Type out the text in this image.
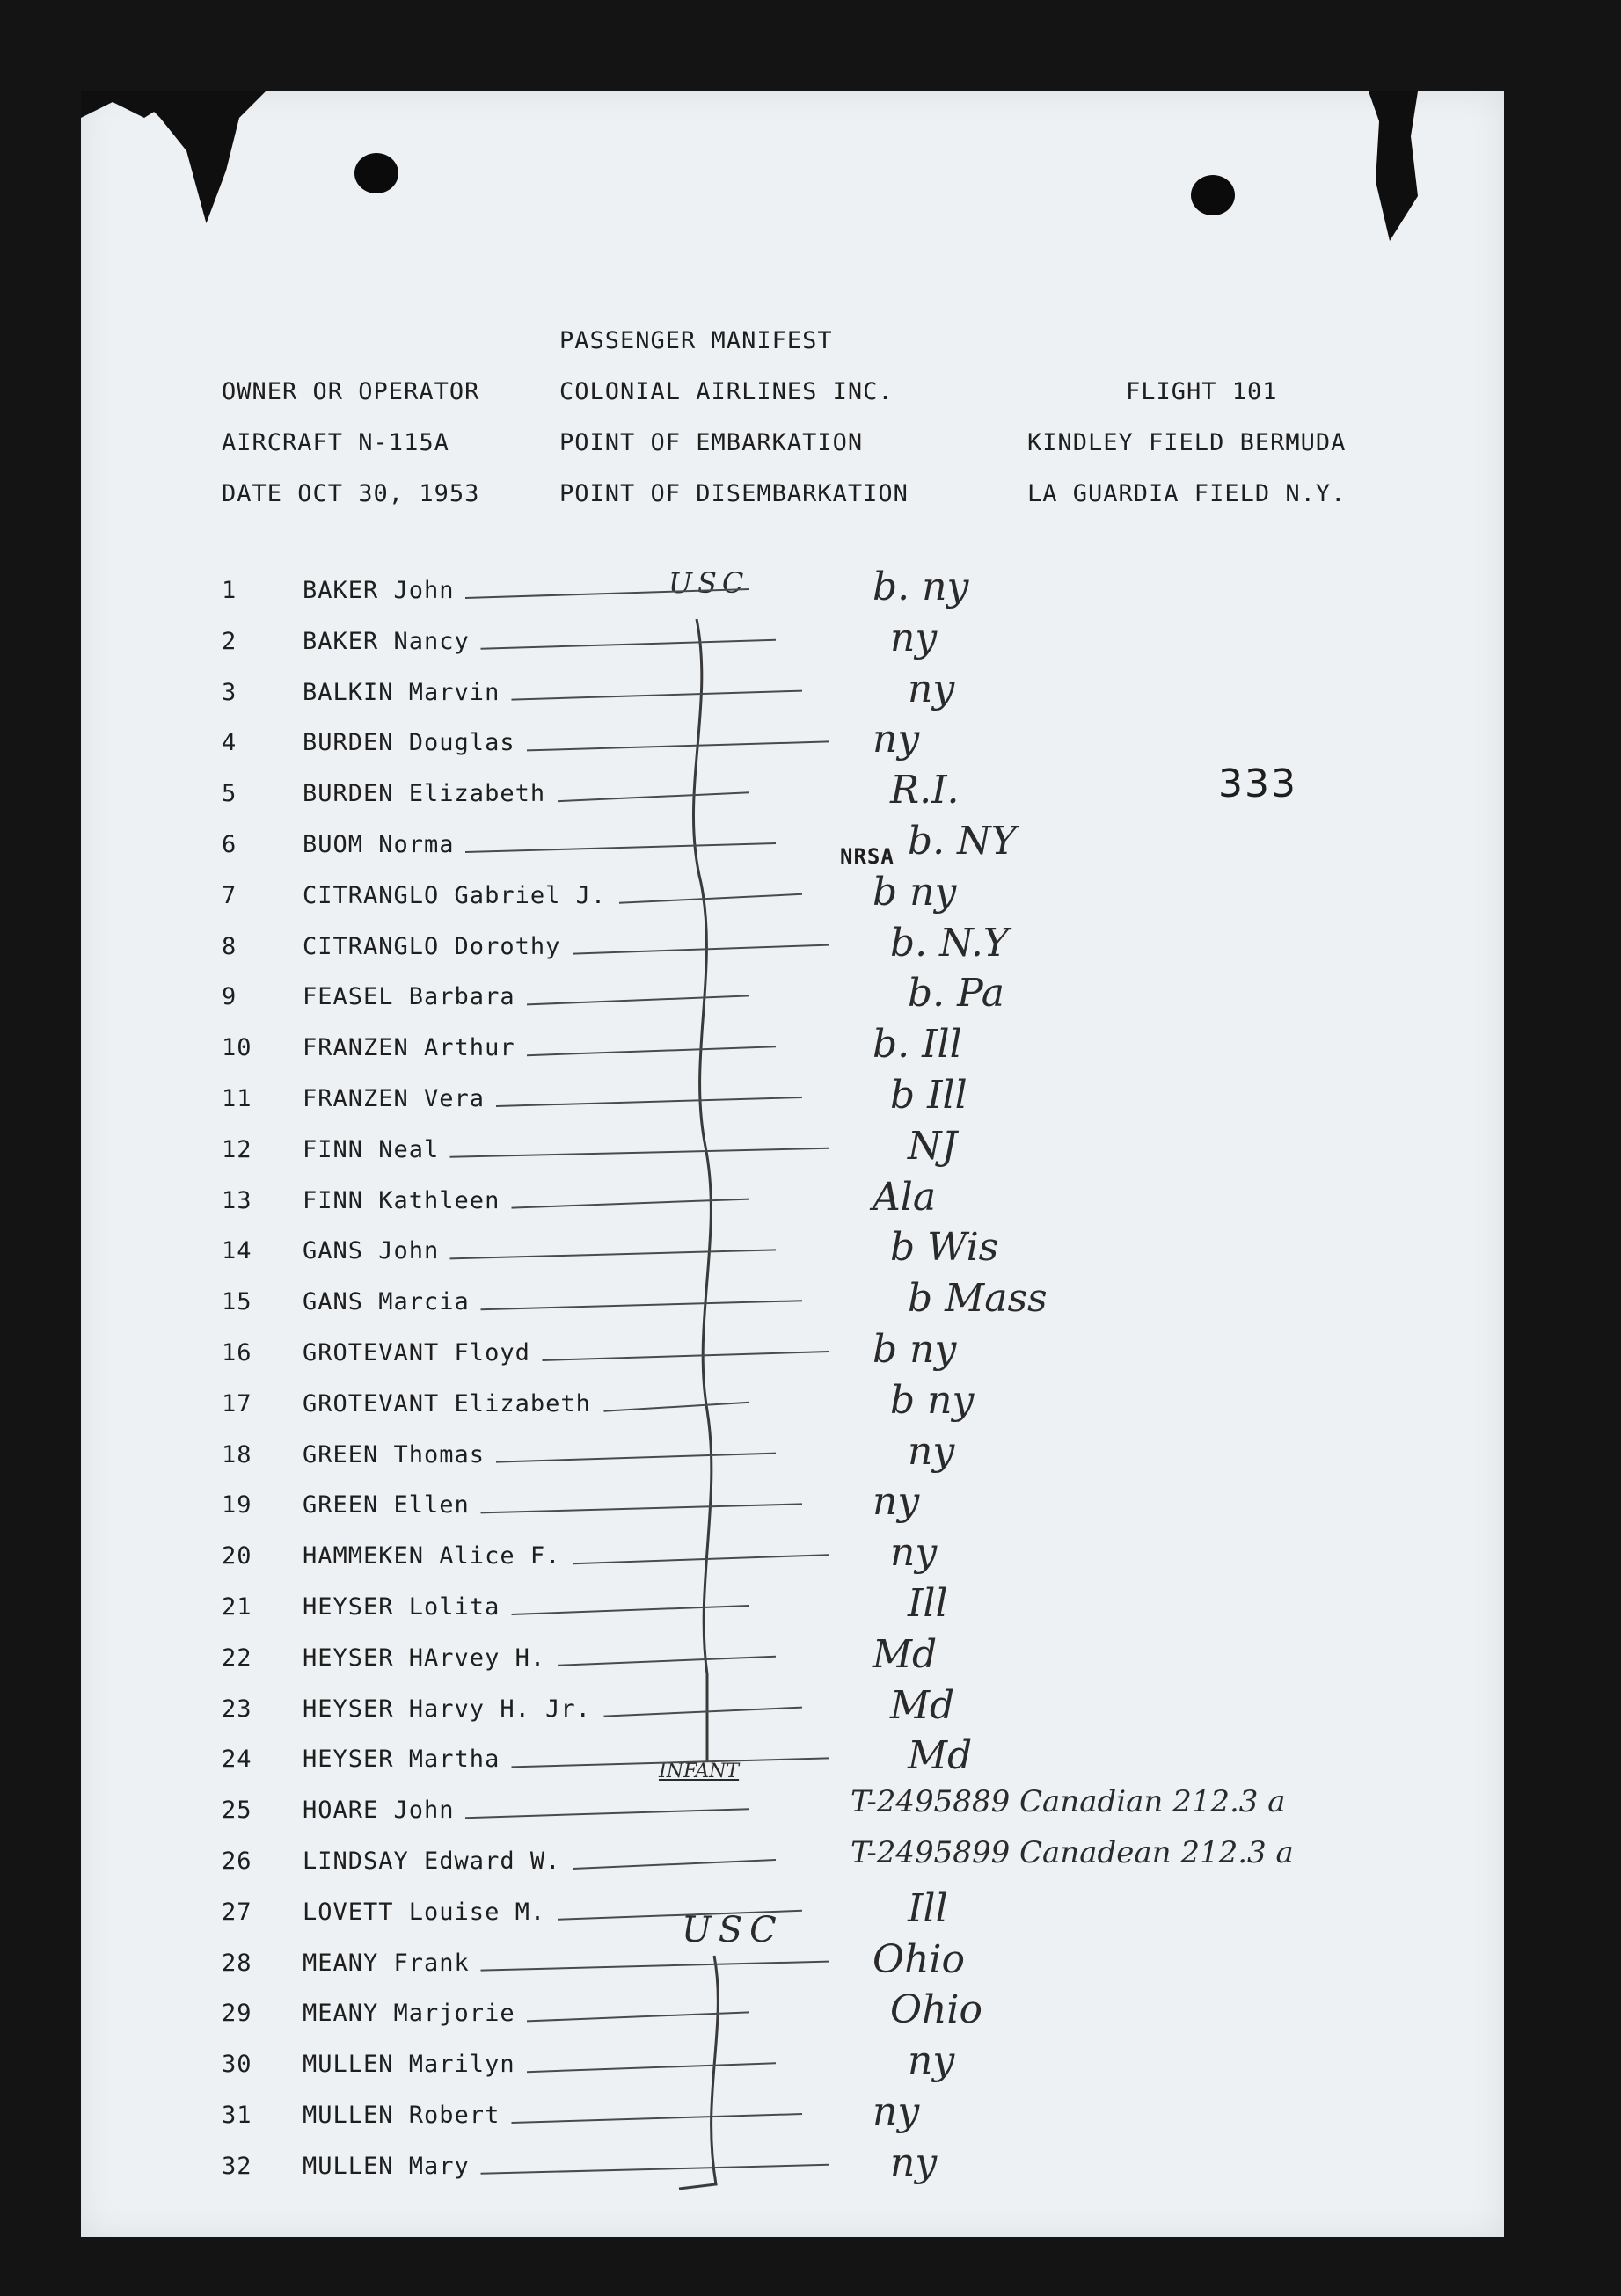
PASSENGER MANIFEST
OWNER OR OPERATOR	COLONIAL AIRLINES INC.	FLIGHT 101
AIRCRAFT N-115A	POINT OF EMBARKATION	KINDLEY FIELD BERMUDA
DATE OCT 30, 1953	POINT OF DISEMBARKATION	LA GUARDIA FIELD N.Y.
333
NRSA
1	BAKER John	b. ny
2	BAKER Nancy	ny
3	BALKIN Marvin	ny
4	BURDEN Douglas	ny
5	BURDEN Elizabeth	R.I.
6	BUOM Norma	b. NY
7	CITRANGLO Gabriel J.	b ny
8	CITRANGLO Dorothy	b. N.Y
9	FEASEL Barbara	b. Pa
10 FRANZEN Arthur	b. Ill
11 FRANZEN Vera	b Ill
12 FINN Neal	NJ
13 FINN Kathleen	Ala
14 GANS John	b Wis
15 GANS Marcia	b Mass
16 GROTEVANT Floyd	b ny
17 GROTEVANT Elizabeth	b ny
18 GREEN Thomas	ny
19 GREEN Ellen	ny
20 HAMMEKEN Alice F.	ny
21 HEYSER Lolita	Ill
22 HEYSER HArvey H.	Md
23 HEYSER Harvy H. Jr.	Md
24 HEYSER Martha	Md
25 HOARE John	T-2495889 Canadian 212.3 a
26 LINDSAY Edward W.	T-2495899 Canadean 212.3 a
27 LOVETT Louise M.	Ill
28 MEANY Frank	Ohio
29 MEANY Marjorie	Ohio
30 MULLEN Marilyn	ny
31 MULLEN Robert	ny
32 MULLEN Mary	ny
USC
USC
INFANT
